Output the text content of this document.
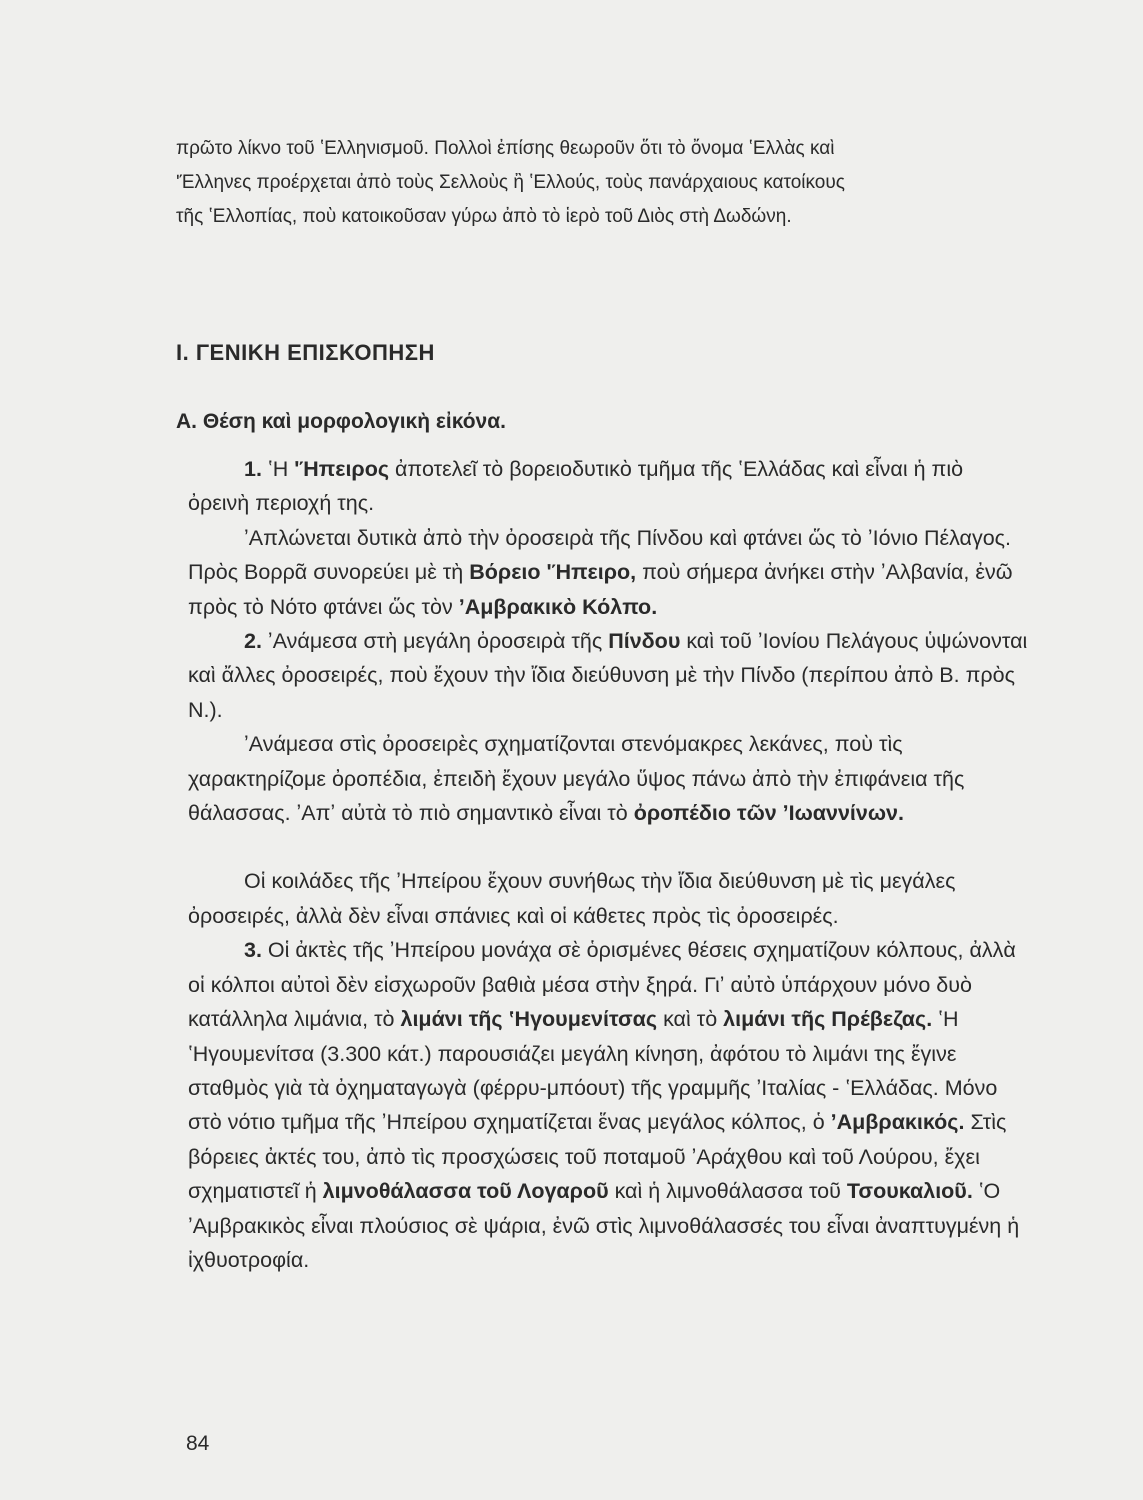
πρῶτο λίκνο τοῦ ʽΕλληνισμοῦ. Πολλοὶ ἐπίσης θεωροῦν ὅτι τὸ ὄνομα ʽΕλλὰς καὶ

ʹΈλληνες προέρχεται ἀπὸ τοὺς Σελλοὺς ἢ ʽΕλλούς, τοὺς πανάρχαιους κατοίκους

τῆς ʽΕλλοπίας, ποὺ κατοικοῦσαν γύρω ἀπὸ τὸ ἱερὸ τοῦ Διὸς στὴ Δωδώνη.

Ι. ΓΕΝΙΚΗ ΕΠΙΣΚΟΠΗΣΗ
Α. Θέση καὶ μορφολογικὴ εἰκόνα.

1. ʽΗ ʹΉπειρος ἀποτελεῖ τὸ βορειοδυτικὸ τμῆμα τῆς ʽΕλλάδας καὶ εἶναι ἡ πιὸ ὀρεινὴ περιοχή της.

ʼΑπλώνεται δυτικὰ ἀπὸ τὴν ὀροσειρὰ τῆς Πίνδου καὶ φτάνει ὥς τὸ ʼΙόνιο Πέλαγος. Πρὸς Βορρᾶ συνορεύει μὲ τὴ Βόρειο ʹΉπειρο, ποὺ σήμερα ἀνήκει στὴν ʼΑλβανία, ἐνῶ πρὸς τὸ Νότο φτάνει ὥς τὸν ʼΑμβρακικὸ Κόλπο.

2. ʼΑνάμεσα στὴ μεγάλη ὀροσειρὰ τῆς Πίνδου καὶ τοῦ ʼΙονίου Πελάγους ὑψώνονται καὶ ἄλλες ὀροσειρές, ποὺ ἔχουν τὴν ἴδια διεύθυνση μὲ τὴν Πίνδο (περίπου ἀπὸ Β. πρὸς Ν.).

ʼΑνάμεσα στὶς ὀροσειρὲς σχηματίζονται στενόμακρες λεκάνες, ποὺ τὶς χαρακτηρίζομε ὀροπέδια, ἐπειδὴ ἔχουν μεγάλο ὕψος πάνω ἀπὸ τὴν ἐπιφάνεια τῆς θάλασσας. ʼΑπʼ αὐτὰ τὸ πιὸ σημαντικὸ εἶναι τὸ ὀροπέδιο τῶν ʼΙωαννίνων.

Οἱ κοιλάδες τῆς ʼΗπείρου ἔχουν συνήθως τὴν ἴδια διεύθυνση μὲ τὶς μεγάλες ὀροσειρές, ἀλλὰ δὲν εἶναι σπάνιες καὶ οἱ κάθετες πρὸς τὶς ὀροσειρές.

3. Οἱ ἀκτὲς τῆς ʼΗπείρου μονάχα σὲ ὁρισμένες θέσεις σχηματίζουν κόλπους, ἀλλὰ οἱ κόλποι αὐτοὶ δὲν εἰσχωροῦν βαθιὰ μέσα στὴν ξηρά. Γιʼ αὐτὸ ὑπάρχουν μόνο δυὸ κατάλληλα λιμάνια, τὸ λιμάνι τῆς ʽΗγουμενίτσας καὶ τὸ λιμάνι τῆς Πρέβεζας. ʽΗ ʽΗγουμενίτσα (3.300 κάτ.) παρουσιάζει μεγάλη κίνηση, ἀφότου τὸ λιμάνι της ἔγινε σταθμὸς γιὰ τὰ ὀχηματαγωγὰ (φέρρυ-μπόουτ) τῆς γραμμῆς ʼΙταλίας - ʽΕλλάδας. Μόνο στὸ νότιο τμῆμα τῆς ʼΗπείρου σχηματίζεται ἕνας μεγάλος κόλπος, ὁ ʼΑμβρακικός. Στὶς βόρειες ἀκτές του, ἀπὸ τὶς προσχώσεις τοῦ ποταμοῦ ʼΑράχθου καὶ τοῦ Λούρου, ἔχει σχηματιστεῖ ἡ λιμνοθάλασσα τοῦ Λογαροῦ καὶ ἡ λιμνοθάλασσα τοῦ Τσουκαλιοῦ. ʽΟ ʼΑμβρακικὸς εἶναι πλούσιος σὲ ψάρια, ἐνῶ στὶς λιμνοθάλασσές του εἶναι ἀναπτυγμένη ἡ ἰχθυοτροφία.

84
